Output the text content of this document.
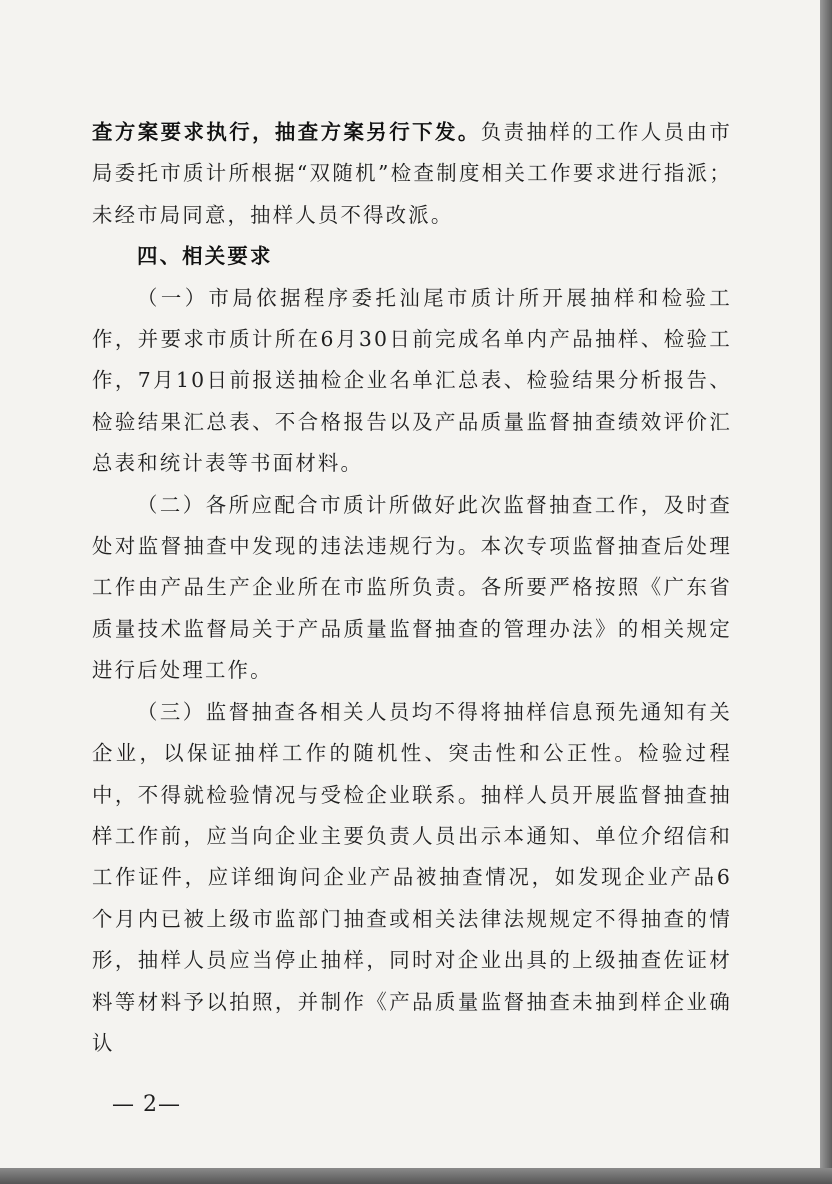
查方案要求执行，抽查方案另行下发。负责抽样的工作人员由市局委托市质计所根据“双随机”检查制度相关工作要求进行指派；未经市局同意，抽样人员不得改派。

四、相关要求

（一）市局依据程序委托汕尾市质计所开展抽样和检验工作，并要求市质计所在6月30日前完成名单内产品抽样、检验工作，7月10日前报送抽检企业名单汇总表、检验结果分析报告、检验结果汇总表、不合格报告以及产品质量监督抽查绩效评价汇总表和统计表等书面材料。

（二）各所应配合市质计所做好此次监督抽查工作，及时查处对监督抽查中发现的违法违规行为。本次专项监督抽查后处理工作由产品生产企业所在市监所负责。各所要严格按照《广东省质量技术监督局关于产品质量监督抽查的管理办法》的相关规定进行后处理工作。

（三）监督抽查各相关人员均不得将抽样信息预先通知有关企业，以保证抽样工作的随机性、突击性和公正性。检验过程中，不得就检验情况与受检企业联系。抽样人员开展监督抽查抽样工作前，应当向企业主要负责人员出示本通知、单位介绍信和工作证件，应详细询问企业产品被抽查情况，如发现企业产品6个月内已被上级市监部门抽查或相关法律法规规定不得抽查的情形，抽样人员应当停止抽样，同时对企业出具的上级抽查佐证材料等材料予以拍照，并制作《产品质量监督抽查未抽到样企业确认

— 2—
